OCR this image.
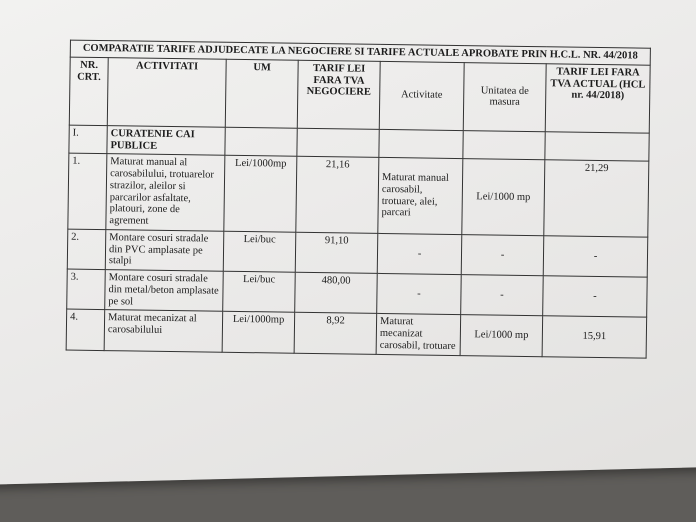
COMPARATIE TARIFE ADJUDECATE LA NEGOCIERE SI TARIFE ACTUALE APROBATE PRIN H.C.L. NR. 44/2018						
NR. CRT.	ACTIVITATI	UM	TARIF LEI FARA TVA NEGOCIERE	Activitate	Unitatea de masura	TARIF LEI FARA TVA ACTUAL (HCL nr. 44/2018)
I.	CURATENIE CAI PUBLICE					
1.	Maturat manual al carosabilului, trotuarelor strazilor, aleilor si parcarilor asfaltate, platouri, zone de agrement	Lei/1000mp	21,16	Maturat manual carosabil, trotuare, alei, parcari	Lei/1000 mp	21,29
2.	Montare cosuri stradale din PVC amplasate pe stalpi	Lei/buc	91,10	-	-	-
3.	Montare cosuri stradale din metal/beton amplasate pe sol	Lei/buc	480,00	-	-	-
4.	Maturat mecanizat al carosabilului	Lei/1000mp	8,92	Maturat mecanizat carosabil, trotuare	Lei/1000 mp	15,91
